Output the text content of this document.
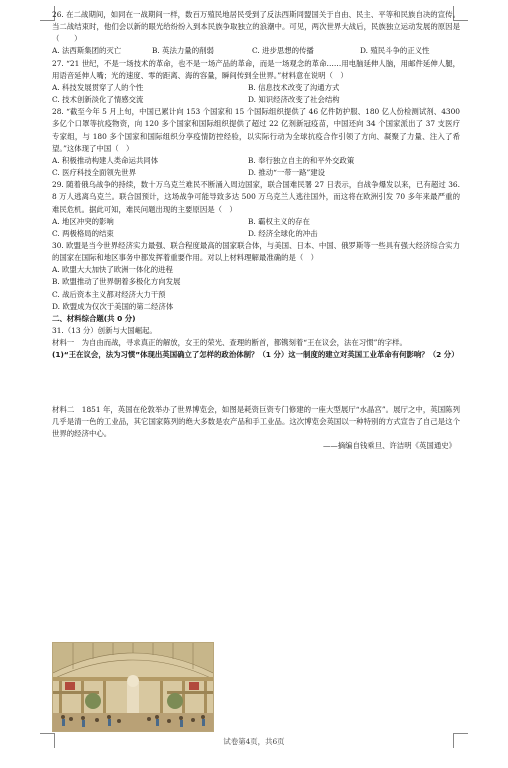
26. 在二战期间，如同在一战期间一样，数百万殖民地居民受到了反法西斯同盟国关于自由、民主、平等和民族自决的宣传。当二战结束时，他们会以新的眼光给纷纷入到本民族争取独立的浪潮中。可见，两次世界大战后，民族独立运动发展的原因是（　　）

A. 法西斯集团的灭亡	B. 英法力量的削弱	C. 进步思想的传播	D. 殖民斗争的正义性

27. “21 世纪，不是一场技术的革命，也不是一场产品的革命，而是一场观念的革命……用电脑延伸人脑，用邮件延伸人腿，用语音延伸人嘴；光的速度、零的距离、海的容量，瞬间传到全世界。”材料意在说明（　）

A. 科技发展贯穿了人的个性	B. 信息技术改变了沟通方式
C. 技术创新淡化了情感交流	D. 知识经济改变了社会结构

28. “截至今年 5 月上旬，中国已累计向 153 个国家和 15 个国际组织提供了 46 亿件防护服、180 亿人份检测试剂、4300 多亿个口罩等抗疫物资，向 120 多个国家和国际组织提供了超过 22 亿剂新冠疫苗，中国还向 34 个国家派出了 37 支医疗专家组，与 180 多个国家和国际组织分享疫情防控经验，以实际行动为全球抗疫合作引领了方向、凝聚了力量、注入了希望。”这体现了中国（　）

A. 积极推动构建人类命运共同体	B. 奉行独立自主的和平外交政策
C. 医疗科技全面领先世界	D. 推动“一带一路”建设

29. 随着俄乌战争的持续，数十万乌克兰难民不断涌入周边国家，联合国难民署 27 日表示，自战争爆发以来，已有超过 36.8 万人逃离乌克兰。联合国预计，这场战争可能导致多达 500 万乌克兰人逃往国外，而这将在欧洲引发 70 多年来最严重的难民危机。据此可知，难民问题出现的主要原因是（　）

A. 地区冲突的影响	B. 霸权主义的存在
C. 两极格局的结束	D. 经济全球化的冲击

30. 欧盟是当今世界经济实力最强、联合程度最高的国家联合体，与美国、日本、中国、俄罗斯等一些具有强大经济综合实力的国家在国际和地区事务中都发挥着重要作用。对以上材料理解最准确的是（　）

A. 欧盟大大加快了欧洲一体化的进程
B. 欧盟推动了世界朝着多极化方向发展
C. 战后资本主义都对经济大力干预
D. 欧盟成为仅次于美国的第二经济体
二、材料综合题(共 0 分)
31.（13 分）创新与大国崛起。

材料一　为自由而战，寻求真正的解放，女王的荣光、查理的断首，都镌刻着“王在议会，法在习惯”的字样。

(1)“王在议会，法为习惯”体现出英国确立了怎样的政治体制？（1 分）这一制度的建立对英国工业革命有何影响？（2 分）

材料二　1851 年，英国在伦敦举办了世界博览会，如图是耗资巨资专门修建的一座大型展厅“水晶宫”。展厅之中，英国陈列几乎是清一色的工业品，其它国家陈列的绝大多数是农产品和手工业品。这次博览会英国以一种特别的方式宣告了自己是这个世界的经济中心。

——摘编自钱乘旦、许洁明《英国通史》
试卷第4页，共6页
